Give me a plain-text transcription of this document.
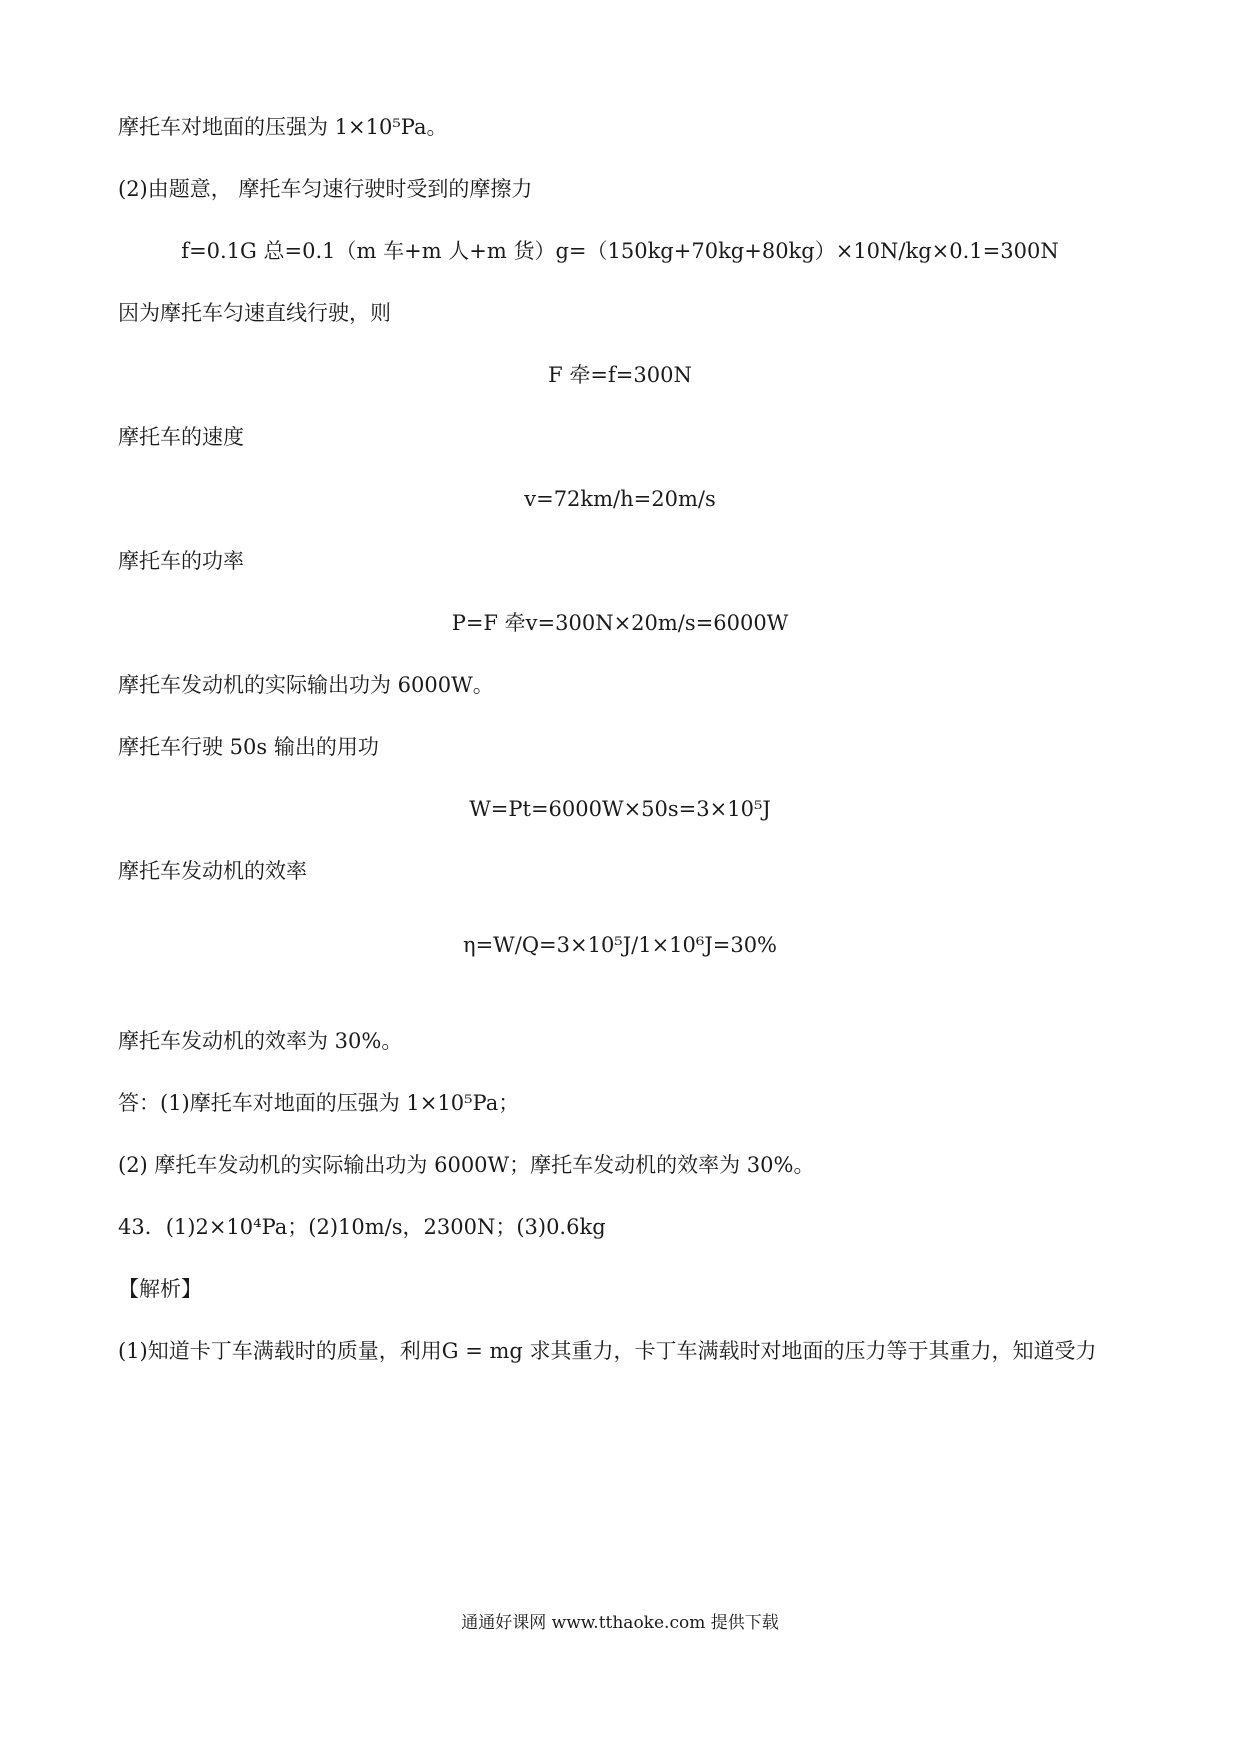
摩托车对地面的压强为 1×10⁵Pa。
(2)由题意， 摩托车匀速行驶时受到的摩擦力
f=0.1G 总=0.1（m 车+m 人+m 货）g=（150kg+70kg+80kg）×10N/kg×0.1=300N
因为摩托车匀速直线行驶，则
F 牵=f=300N
摩托车的速度
v=72km/h=20m/s
摩托车的功率
P=F 牵v=300N×20m/s=6000W
摩托车发动机的实际输出功为 6000W。
摩托车行驶 50s 输出的用功
W=Pt=6000W×50s=3×10⁵J
摩托车发动机的效率
η=W/Q=3×10⁵J/1×10⁶J=30%
摩托车发动机的效率为 30%。
答：(1)摩托车对地面的压强为 1×10⁵Pa；
(2) 摩托车发动机的实际输出功为 6000W；摩托车发动机的效率为 30%。
43．(1)2×10⁴Pa；(2)10m/s，2300N；(3)0.6kg
【解析】
(1)知道卡丁车满载时的质量，利用G = mg 求其重力，卡丁车满载时对地面的压力等于其重力，知道受力
通通好课网 www.tthaoke.com 提供下载
